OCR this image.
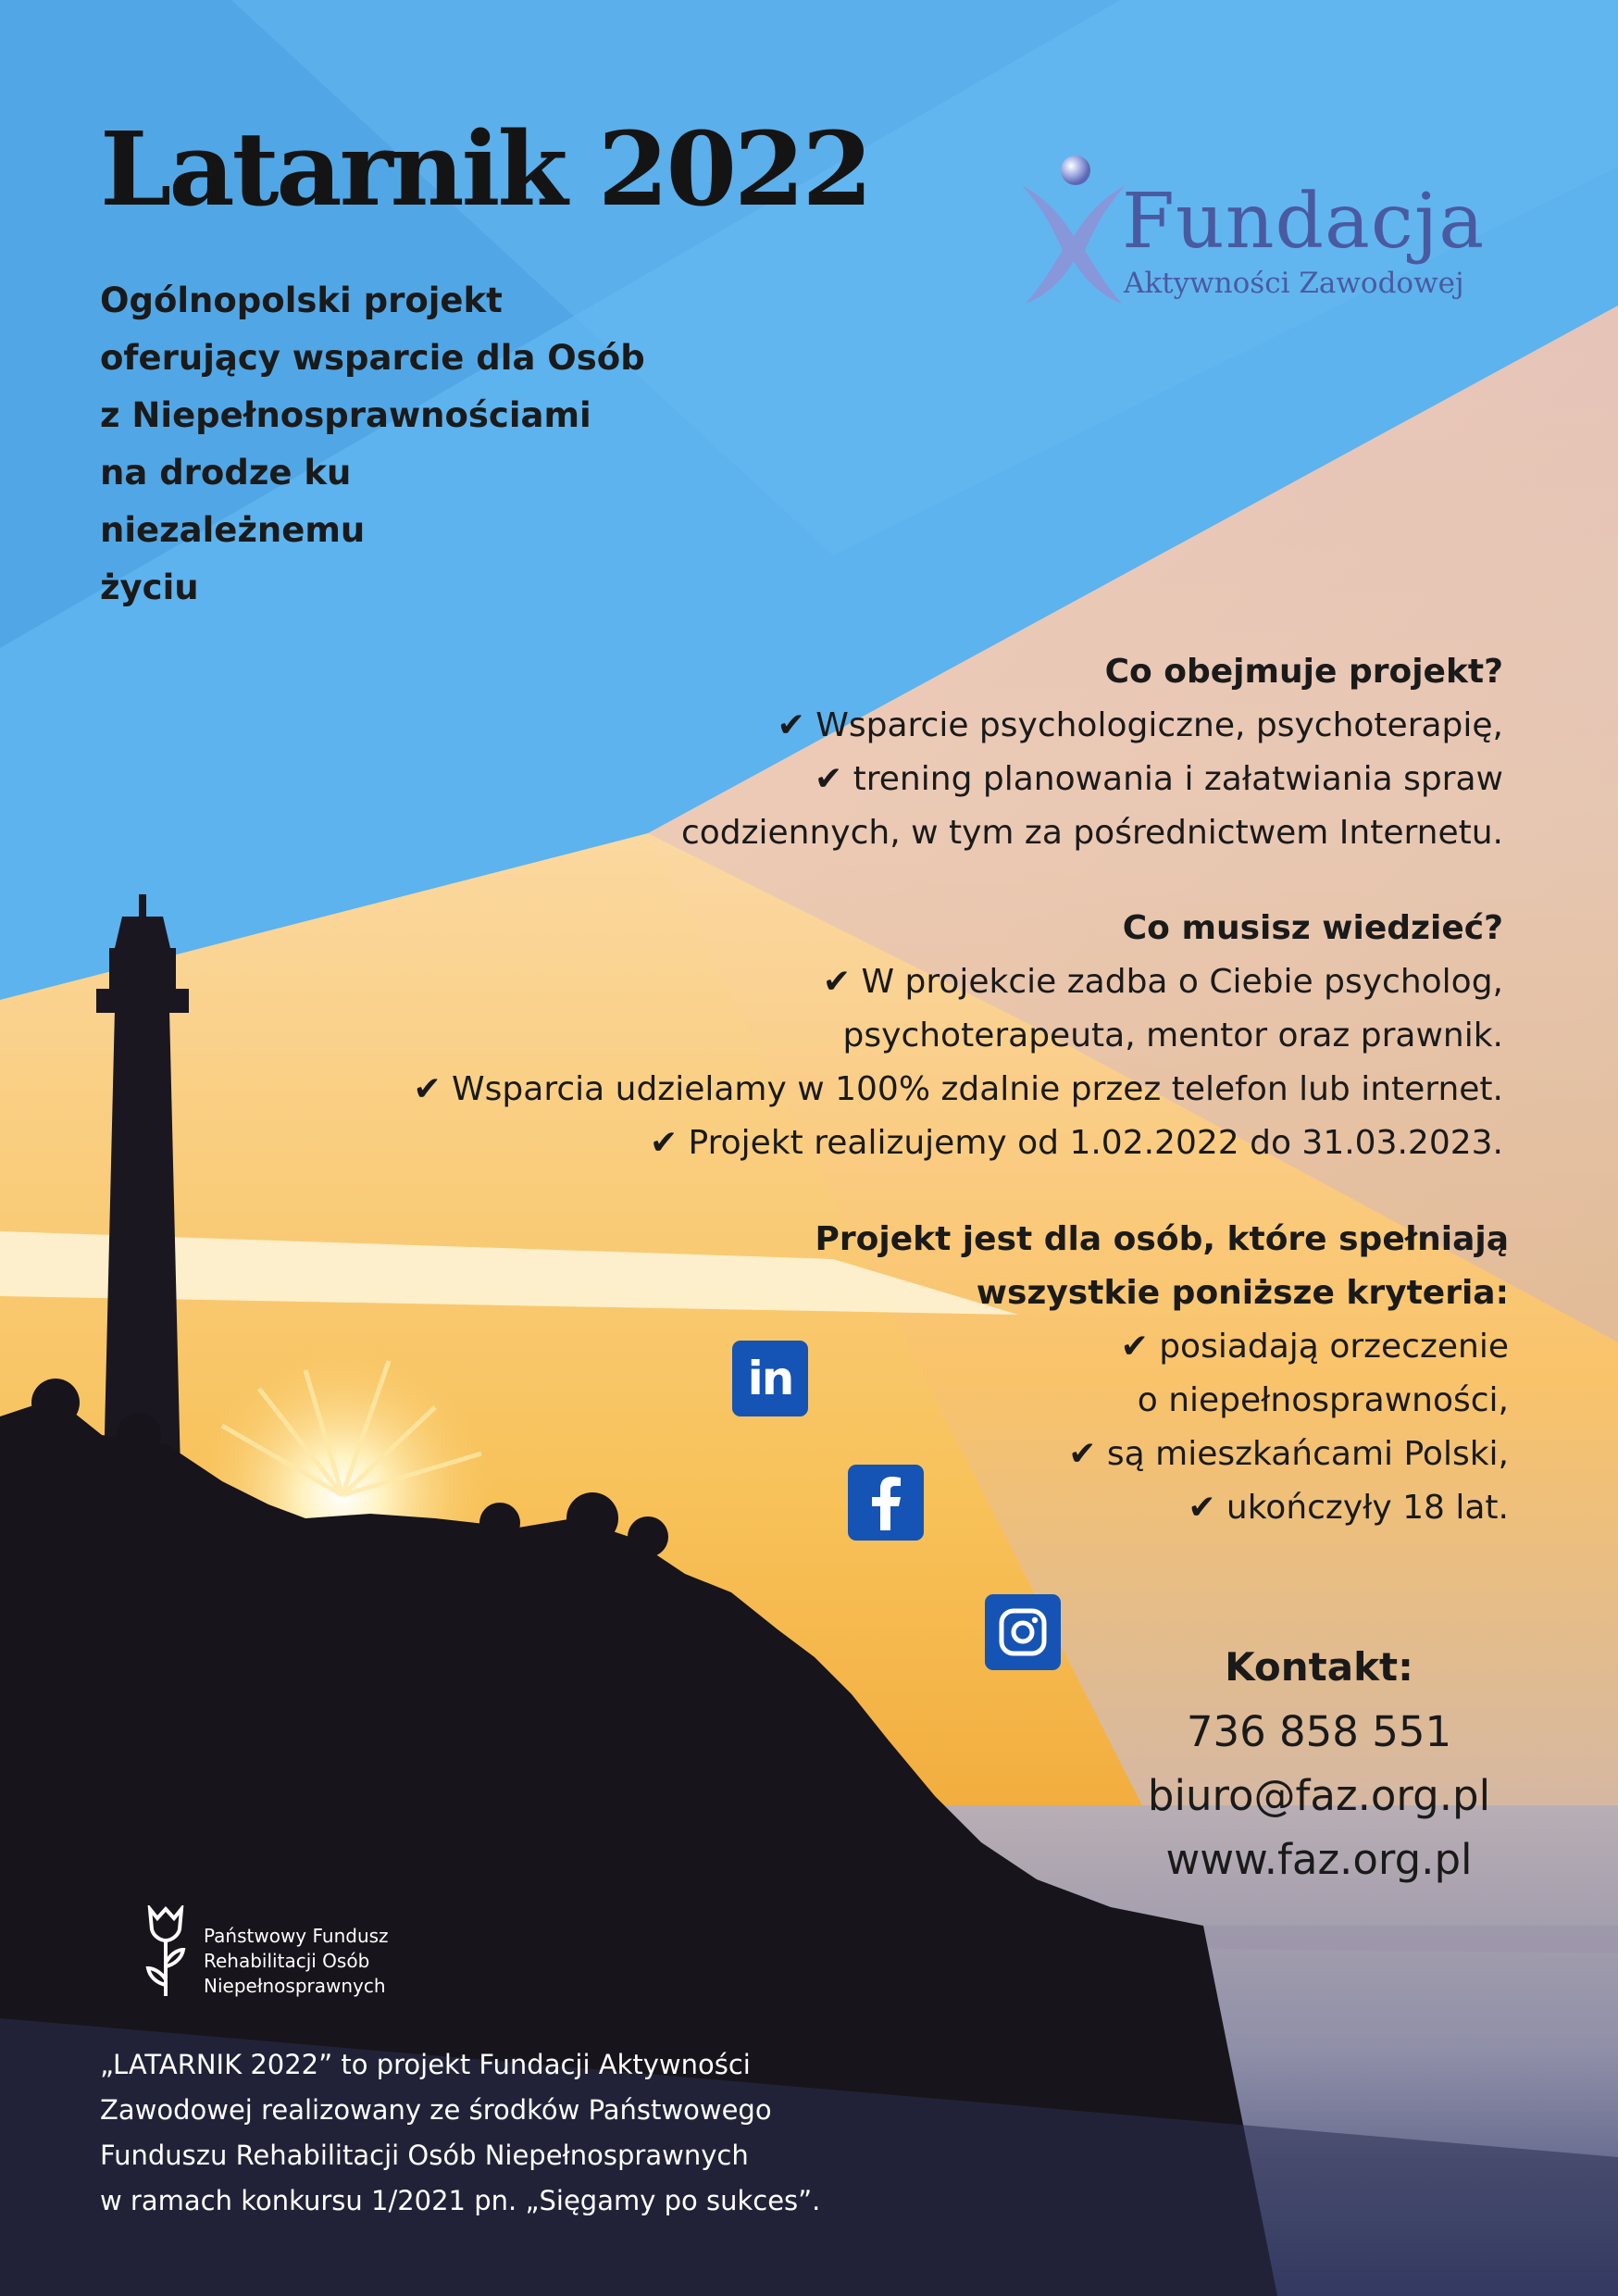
Latarnik 2022
Ogólnopolski projekt
oferujący wsparcie dla Osób
z Niepełnosprawnościami
na drodze ku
niezależnemu
życiu
Fundacja
Aktywności Zawodowej
Co obejmuje projekt?
✔ Wsparcie psychologiczne, psychoterapię,
✔ trening planowania i załatwiania spraw
codziennych, w tym za pośrednictwem Internetu.
Co musisz wiedzieć?
✔ W projekcie zadba o Ciebie psycholog,
psychoterapeuta, mentor oraz prawnik.
✔ Wsparcia udzielamy w 100% zdalnie przez telefon lub internet.
✔ Projekt realizujemy od 1.02.2022 do 31.03.2023.
Projekt jest dla osób, które spełniają
wszystkie poniższe kryteria:
✔ posiadają orzeczenie
o niepełnosprawności,
✔ są mieszkańcami Polski,
✔ ukończyły 18 lat.
in
Kontakt:
736 858 551
biuro@faz.org.pl
www.faz.org.pl
Państwowy Fundusz
Rehabilitacji Osób
Niepełnosprawnych
„LATARNIK 2022” to projekt Fundacji Aktywności
Zawodowej realizowany ze środków Państwowego
Funduszu Rehabilitacji Osób Niepełnosprawnych
w ramach konkursu 1/2021 pn. „Sięgamy po sukces”.
